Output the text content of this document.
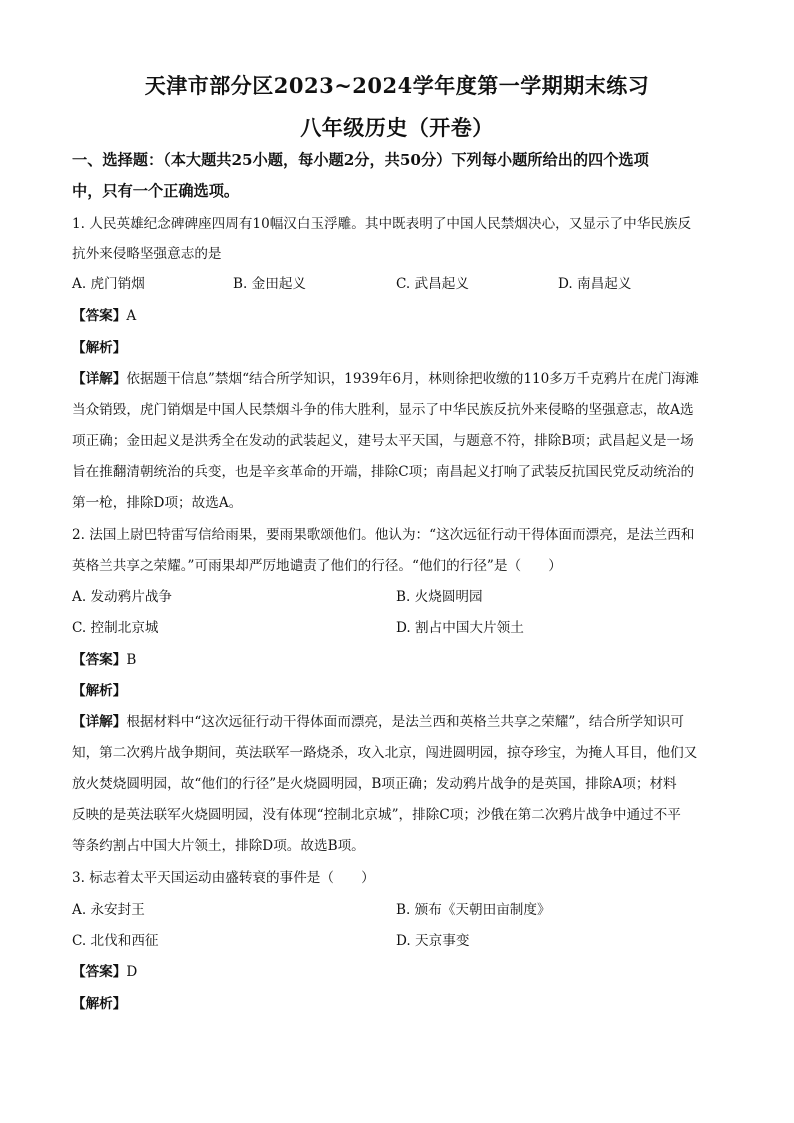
天津市部分区2023~2024学年度第一学期期末练习
八年级历史（开卷）
一、选择题：（本大题共25小题，每小题2分，共50分）下列每小题所给出的四个选项
中，只有一个正确选项。
1. 人民英雄纪念碑碑座四周有10幅汉白玉浮雕。其中既表明了中国人民禁烟决心，又显示了中华民族反
抗外来侵略坚强意志的是
A. 虎门销烟	B. 金田起义	C. 武昌起义	D. 南昌起义
【答案】A
【解析】
【详解】依据题干信息”禁烟“结合所学知识，1939年6月，林则徐把收缴的110多万千克鸦片在虎门海滩
当众销毁，虎门销烟是中国人民禁烟斗争的伟大胜利，显示了中华民族反抗外来侵略的坚强意志，故A选
项正确；金田起义是洪秀全在发动的武装起义，建号太平天国，与题意不符，排除B项；武昌起义是一场
旨在推翻清朝统治的兵变，也是辛亥革命的开端，排除C项；南昌起义打响了武装反抗国民党反动统治的
第一枪，排除D项；故选A。
2. 法国上尉巴特雷写信给雨果，要雨果歌颂他们。他认为：“这次远征行动干得体面而漂亮，是法兰西和
英格兰共享之荣耀。”可雨果却严厉地谴责了他们的行径。“他们的行径”是（　　）
A. 发动鸦片战争	B. 火烧圆明园
C. 控制北京城	D. 割占中国大片领土
【答案】B
【解析】
【详解】根据材料中“这次远征行动干得体面而漂亮，是法兰西和英格兰共享之荣耀”，结合所学知识可
知，第二次鸦片战争期间，英法联军一路烧杀，攻入北京，闯进圆明园，掠夺珍宝，为掩人耳目，他们又
放火焚烧圆明园，故“他们的行径”是火烧圆明园，B项正确；发动鸦片战争的是英国，排除A项；材料
反映的是英法联军火烧圆明园，没有体现“控制北京城”，排除C项；沙俄在第二次鸦片战争中通过不平
等条约割占中国大片领土，排除D项。故选B项。
3. 标志着太平天国运动由盛转衰的事件是（　　）
A. 永安封王	B. 颁布《天朝田亩制度》
C. 北伐和西征	D. 天京事变
【答案】D
【解析】
